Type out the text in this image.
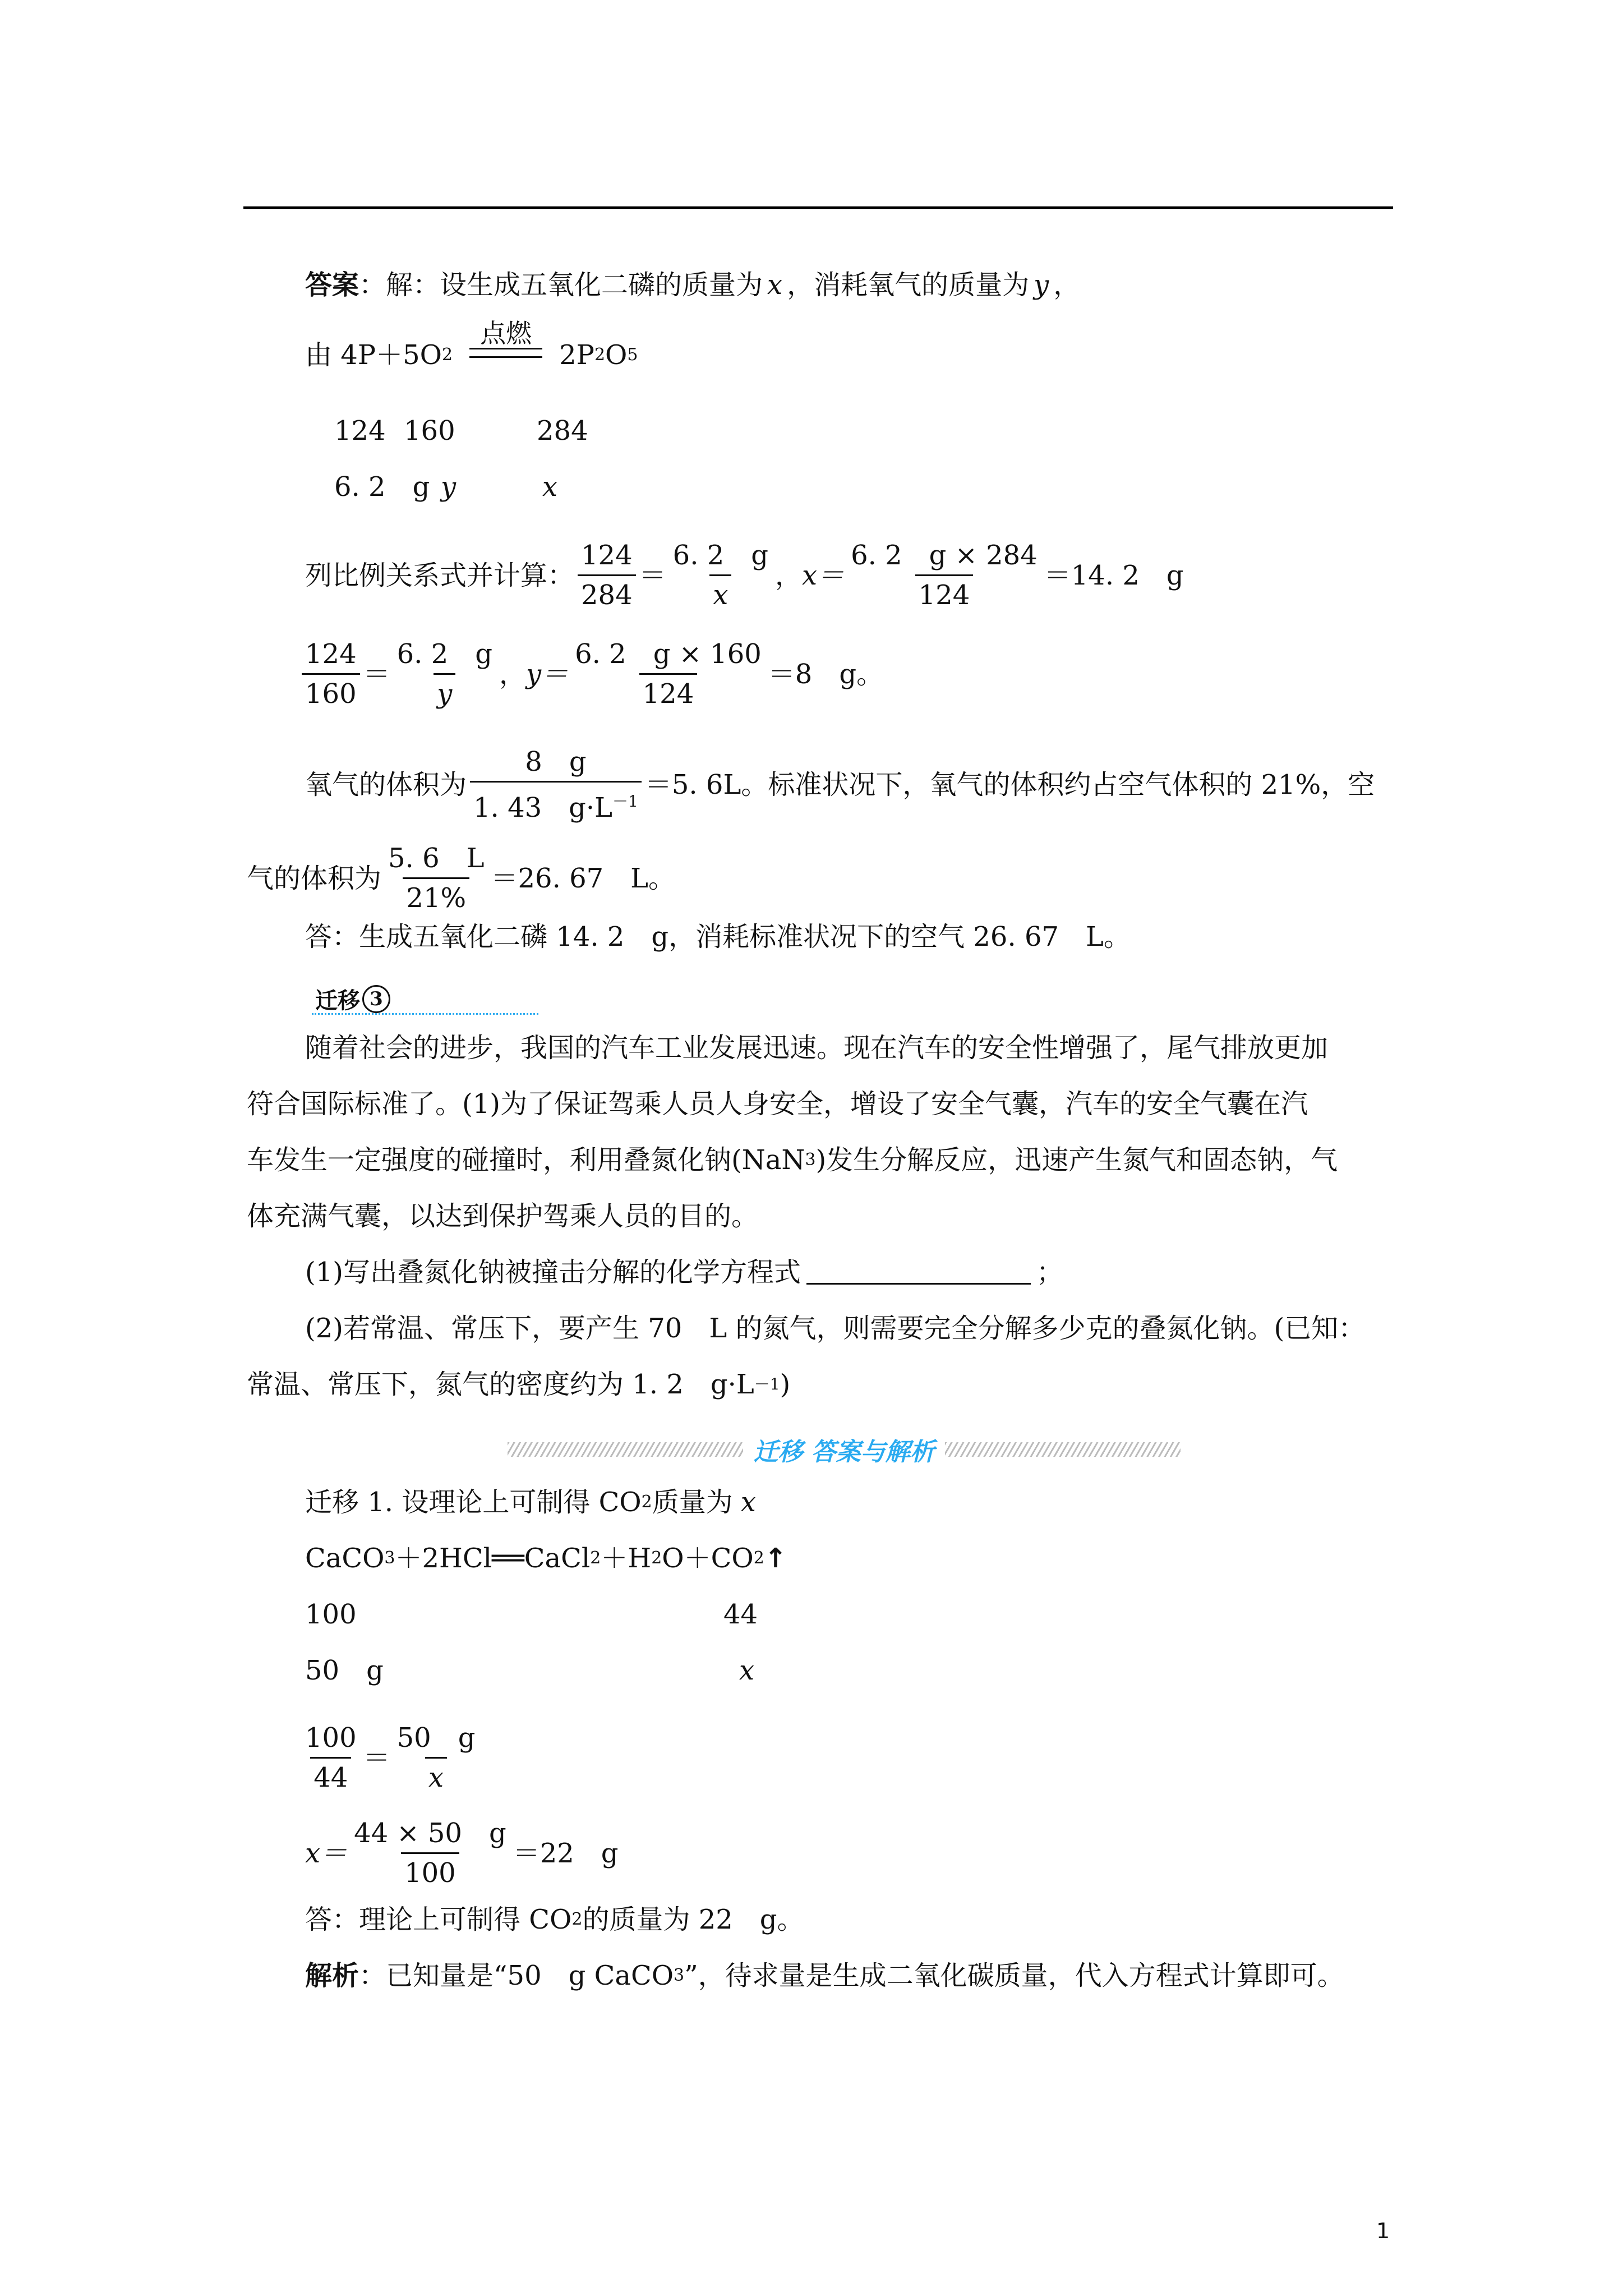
答案 ：解：设生成五氧化二磷的质量为 x ，消耗氧气的质量为 y ，
由 4P＋5O 2
点燃
2P 2 O 5
124 160	284
6. 2　g y	x
列比例关系式并计算： $\frac{124}{284} = \frac{6. 2 g}{x}$ ， $x= \frac{6. 2 g \times 284}{124} =14$. 2　g
$\frac{124}{160} = \frac{6. 2 g}{y}$ ， $y= \frac{6. 2 g \times 160}{124} =8$　g。
氧气的体积为 $\frac{8 g}{1. 43 g\cdot L^{-1}} =5$. 6L。标准状况下，氧气的体积约占空气体积的 21%，空
气的体积为 $\frac{5. 6 L}{21\%} =26$. 67　L。
答：生成五氧化二磷 14. 2　g，消耗标准状况下的空气 26. 67　L。
迁移 3
随着社会的进步，我国的汽车工业发展迅速。现在汽车的安全性增强了，尾气排放更加
符合国际标准了。(1)为了保证驾乘人员人身安全，增设了安全气囊，汽车的安全气囊在汽
车发生一定强度的碰撞时，利用叠氮化钠(NaN 3 )发生分解反应，迅速产生氮气和固态钠，气
体充满气囊，以达到保护驾乘人员的目的。
(1)写出叠氮化钠被撞击分解的化学方程式	；
(2)若常温、常压下，要产生 70　L 的氮气，则需要完全分解多少克的叠氮化钠。(已知：
常温、常压下，氮气的密度约为 1. 2　g·L －1 )
迁移 答案与解析
迁移 1. 设理论上可制得 CO 2 质量为 x
CaCO 3 ＋2HCl══CaCl 2 ＋H 2 O＋CO 2 ↑
100	44
50　g	x
$\frac{100}{44} = \frac{50 g}{x}$
$x= \frac{44 \times 50 g}{100} =22$　g
答：理论上可制得 CO 2 的质量为 22　g。
解析 ：已知量是“50　g CaCO 3 ”，待求量是生成二氧化碳质量，代入方程式计算即可。
1
